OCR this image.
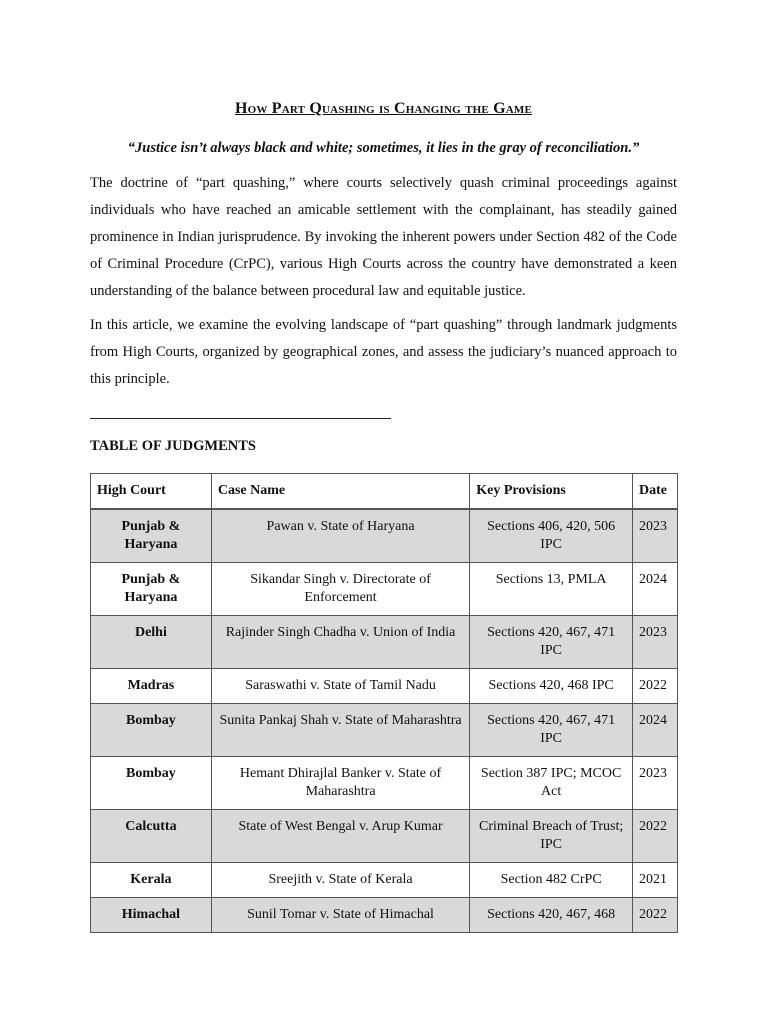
How Part Quashing is Changing the Game

“Justice isn’t always black and white; sometimes, it lies in the gray of reconciliation.”

The doctrine of “part quashing,” where courts selectively quash criminal proceedings against individuals who have reached an amicable settlement with the complainant, has steadily gained prominence in Indian jurisprudence. By invoking the inherent powers under Section 482 of the Code of Criminal Procedure (CrPC), various High Courts across the country have demonstrated a keen understanding of the balance between procedural law and equitable justice.

In this article, we examine the evolving landscape of “part quashing” through landmark judgments from High Courts, organized by geographical zones, and assess the judiciary’s nuanced approach to this principle.

TABLE OF JUDGMENTS
High Court	Case Name	Key Provisions	Date
Punjab & Haryana	Pawan v. State of Haryana	Sections 406, 420, 506 IPC	2023
Punjab & Haryana	Sikandar Singh v. Directorate of Enforcement	Sections 13, PMLA	2024
Delhi	Rajinder Singh Chadha v. Union of India	Sections 420, 467, 471 IPC	2023
Madras	Saraswathi v. State of Tamil Nadu	Sections 420, 468 IPC	2022
Bombay	Sunita Pankaj Shah v. State of Maharashtra	Sections 420, 467, 471 IPC	2024
Bombay	Hemant Dhirajlal Banker v. State of Maharashtra	Section 387 IPC; MCOC Act	2023
Calcutta	State of West Bengal v. Arup Kumar	Criminal Breach of Trust; IPC	2022
Kerala	Sreejith v. State of Kerala	Section 482 CrPC	2021
Himachal	Sunil Tomar v. State of Himachal	Sections 420, 467, 468	2022
